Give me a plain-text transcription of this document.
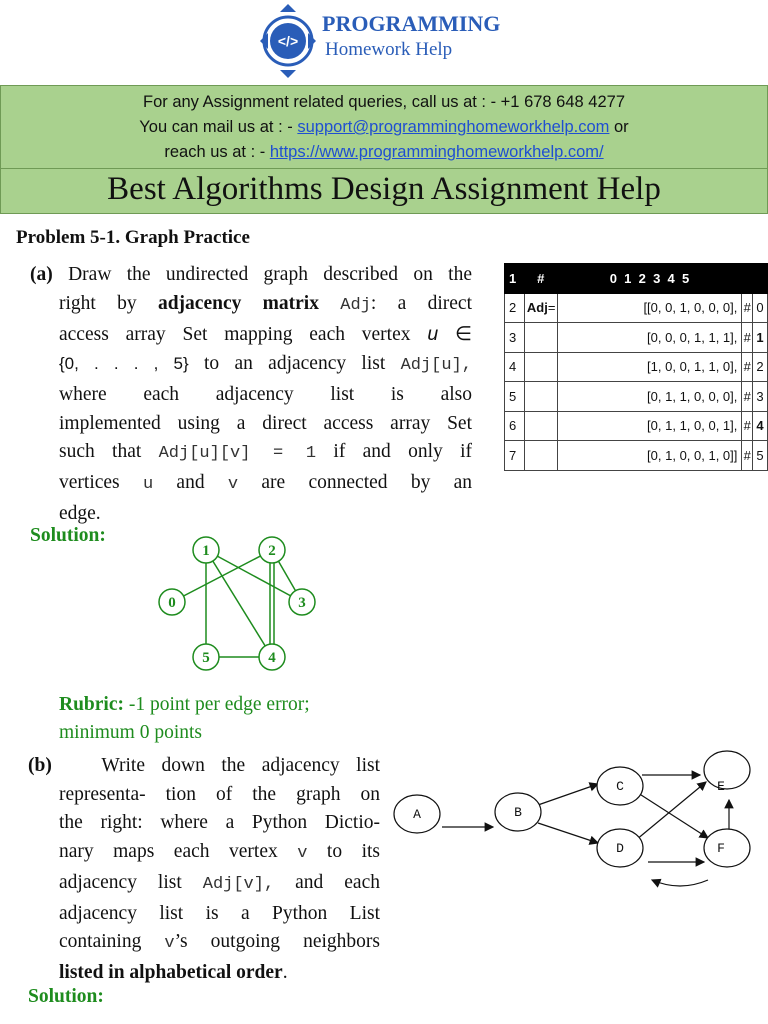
</>
PROGRAMMING
Homework Help
For any Assignment related queries, call us at : - +1 678 648 4277
You can mail us at : - support@programminghomeworkhelp.com or
reach us at : - https://www.programminghomeworkhelp.com/
Best Algorithms Design Assignment Help
Problem 5-1. Graph Practice
(a) Draw the undirected graph described on the
right by adjacency matrix Adj: a direct
access array Set mapping each vertex u ∈
{0, . . . , 5} to an adjacency list Adj[u],
where each adjacency list is also
implemented using a direct access array Set
such that Adj[u][v] = 1 if and only if
vertices u and v are connected by an
edge.
1	#	0  1  2  3  4  5		
2	Adj=	[[0, 0, 1, 0, 0, 0],	#	0
3		[0, 0, 0, 1, 1, 1],	#	1
4		[1, 0, 0, 1, 1, 0],	#	2
5		[0, 1, 1, 0, 0, 0],	#	3
6		[0, 1, 1, 0, 0, 1],	#	4
7		[0, 1, 0, 0, 1, 0]]	#	5
Solution:
1	2
0	3
5	4
Rubric: -1 point per edge error;
minimum 0 points
(b)	Write down the adjacency list
representa- tion of the graph on
the right: where a Python Dictio-
nary maps each vertex v to its
adjacency list Adj[v], and each
adjacency list is a Python List
containing v’s outgoing neighbors
listed in alphabetical order.
A	B
C
D
E
F
Solution:
